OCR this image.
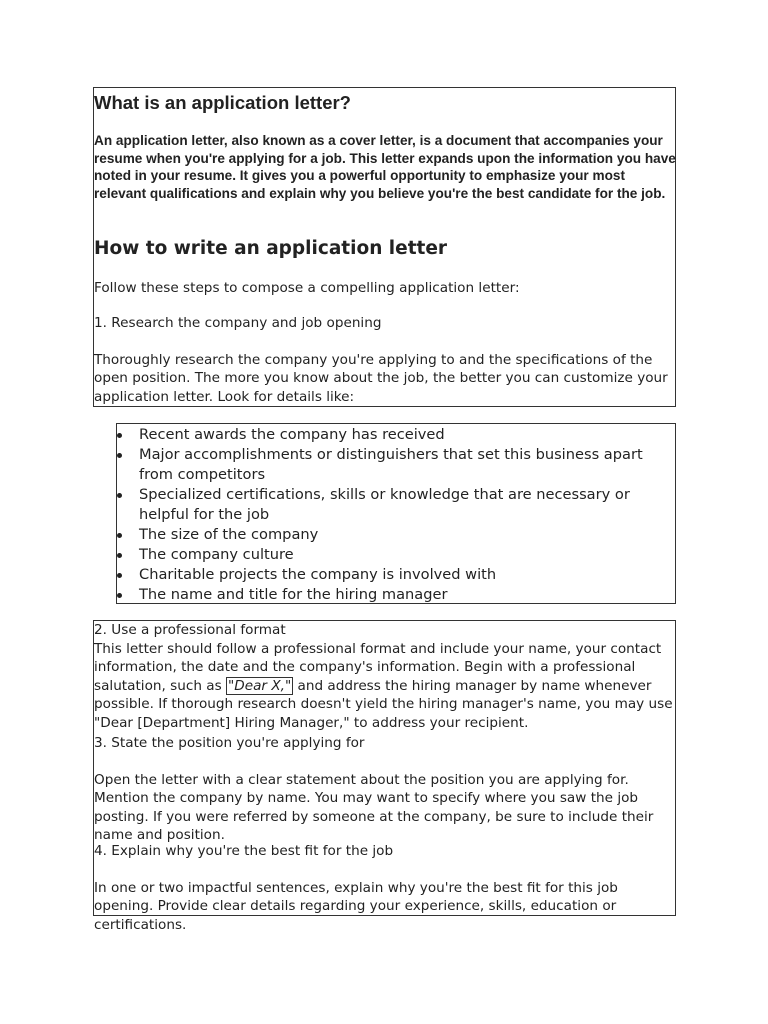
What is an application letter?

An application letter, also known as a cover letter, is a document that accompanies your resume when you're applying for a job. This letter expands upon the information you have noted in your resume. It gives you a powerful opportunity to emphasize your most relevant qualifications and explain why you believe you're the best candidate for the job.

How to write an application letter

Follow these steps to compose a compelling application letter:

1. Research the company and job opening

Thoroughly research the company you're applying to and the specifications of the open position. The more you know about the job, the better you can customize your application letter. Look for details like:

Recent awards the company has received
Major accomplishments or distinguishers that set this business apart from competitors
Specialized certifications, skills or knowledge that are necessary or helpful for the job
The size of the company
The company culture
Charitable projects the company is involved with
The name and title for the hiring manager

2. Use a professional format

This letter should follow a professional format and include your name, your contact information, the date and the company's information. Begin with a professional salutation, such as "Dear X," and address the hiring manager by name whenever possible. If thorough research doesn't yield the hiring manager's name, you may use "Dear [Department] Hiring Manager," to address your recipient.

3. State the position you're applying for

Open the letter with a clear statement about the position you are applying for. Mention the company by name. You may want to specify where you saw the job posting. If you were referred by someone at the company, be sure to include their name and position.

4. Explain why you're the best fit for the job

In one or two impactful sentences, explain why you're the best fit for this job opening. Provide clear details regarding your experience, skills, education or certifications.
